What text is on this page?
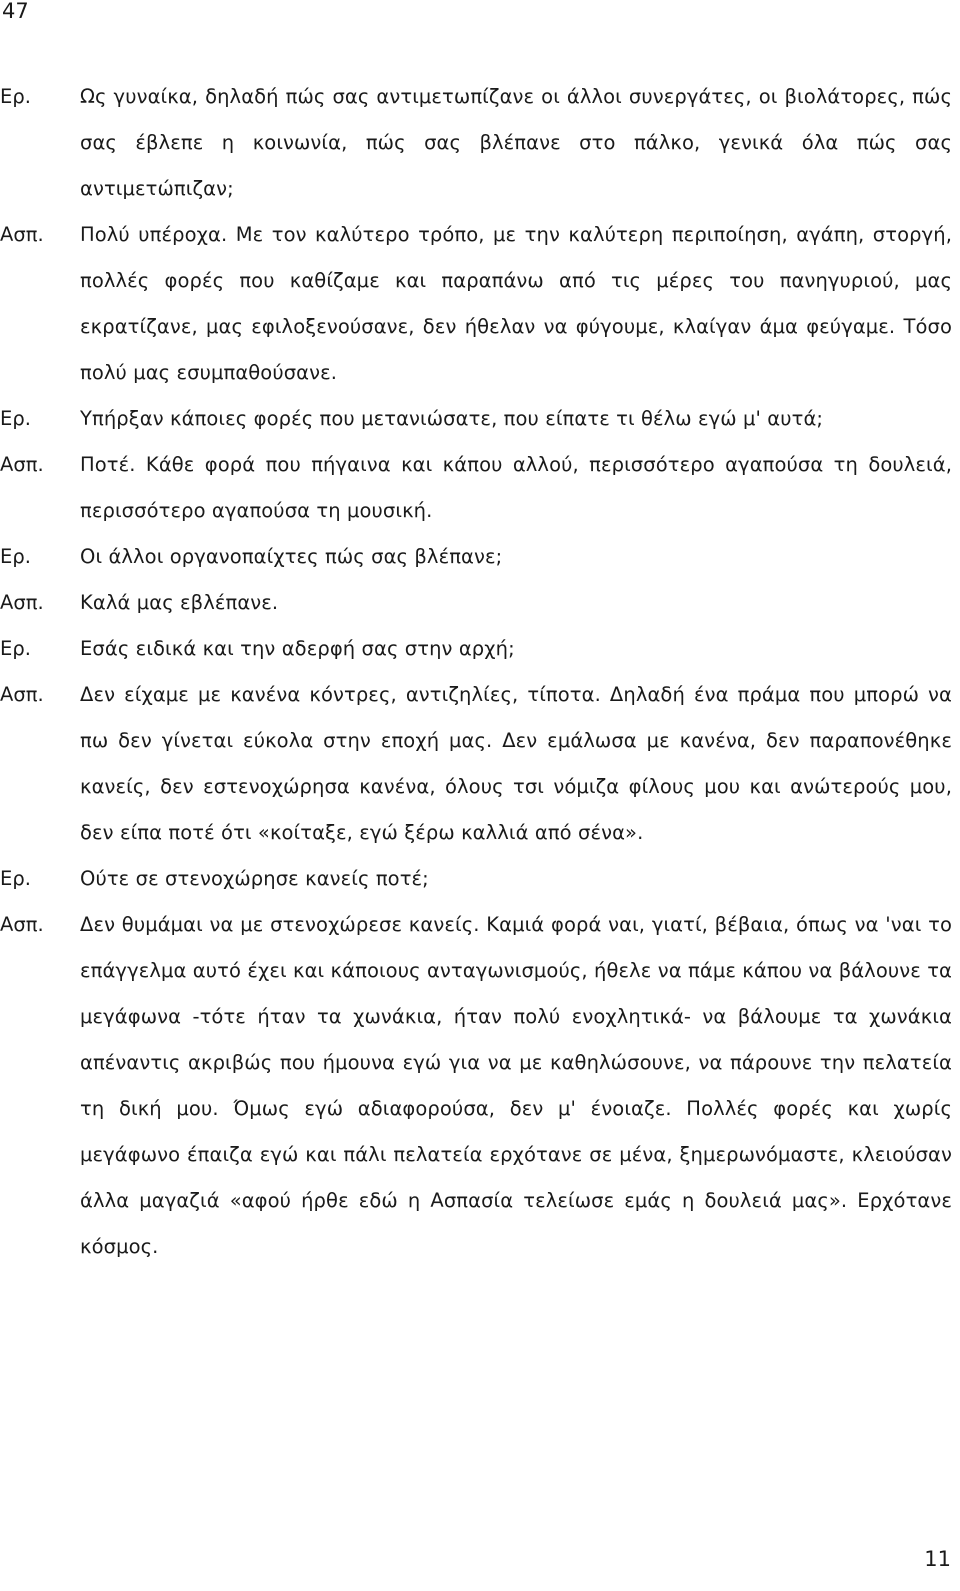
47
Ερ.	Ως γυναίκα, δηλαδή πώς σας αντιμετωπίζανε οι άλλοι συνεργάτες, οι βιολάτορες, πώς σας έβλεπε η κοινωνία, πώς σας βλέπανε στο πάλκο, γενικά όλα πώς σας αντιμετώπιζαν;
Ασπ. Πολύ υπέροχα. Με τον καλύτερο τρόπο, με την καλύτερη περιποίηση, αγάπη, στοργή, πολλές φορές που καθίζαμε και παραπάνω από τις μέρες του πανηγυριού, μας εκρατίζανε, μας εφιλοξενούσανε, δεν ήθελαν να φύγουμε, κλαίγαν άμα φεύγαμε. Τόσο πολύ μας εσυμπαθούσανε.
Ερ.	Υπήρξαν κάποιες φορές που μετανιώσατε, που είπατε τι θέλω εγώ μ' αυτά;
Ασπ. Ποτέ. Κάθε φορά που πήγαινα και κάπου αλλού, περισσότερο αγαπούσα τη δουλειά, περισσότερο αγαπούσα τη μουσική.
Ερ.	Οι άλλοι οργανοπαίχτες πώς σας βλέπανε;
Ασπ. Καλά μας εβλέπανε.
Ερ.	Εσάς ειδικά και την αδερφή σας στην αρχή;
Ασπ. Δεν είχαμε με κανένα κόντρες, αντιζηλίες, τίποτα. Δηλαδή ένα πράμα που μπορώ να πω δεν γίνεται εύκολα στην εποχή μας. Δεν εμάλωσα με κανένα, δεν παραπονέθηκε κανείς, δεν εστενοχώρησα κανένα, όλους τσι νόμιζα φίλους μου και ανώτερούς μου, δεν είπα ποτέ ότι «κοίταξε, εγώ ξέρω καλλιά από σένα».
Ερ.	Ούτε σε στενοχώρησε κανείς ποτέ;
Ασπ. Δεν θυμάμαι να με στενοχώρεσε κανείς. Καμιά φορά ναι, γιατί, βέβαια, όπως να 'ναι το επάγγελμα αυτό έχει και κάποιους ανταγωνισμούς, ήθελε να πάμε κάπου να βάλουνε τα μεγάφωνα -τότε ήταν τα χωνάκια, ήταν πολύ ενοχλητικά- να βάλουμε τα χωνάκια απέναντις ακριβώς που ήμουνα εγώ για να με καθηλώσουνε, να πάρουνε την πελατεία τη δική μου. Όμως εγώ αδιαφορούσα, δεν μ' ένοιαζε. Πολλές φορές και χωρίς μεγάφωνο έπαιζα εγώ και πάλι πελατεία ερχότανε σε μένα, ξημερωνόμαστε, κλειούσαν άλλα μαγαζιά «αφού ήρθε εδώ η Ασπασία τελείωσε εμάς η δουλειά μας». Ερχότανε κόσμος.
11
